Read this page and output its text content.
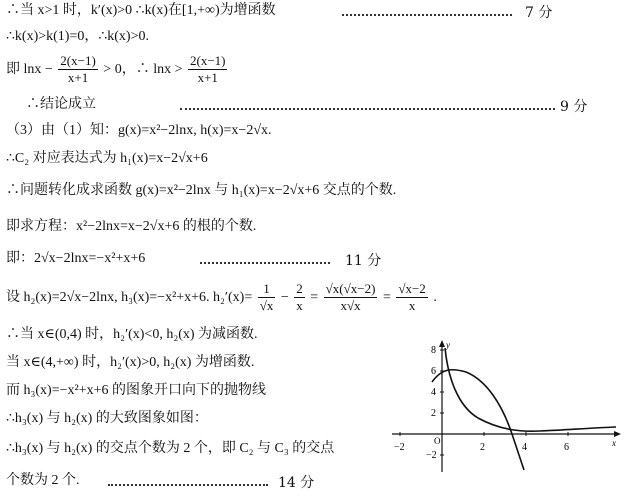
∴当 x>1 时，k′(x)>0 ∴k(x)在[1,+∞)为增函数	7 分
∴k(x)>k(1)=0，∴k(x)>0.
即 $\ln x - \frac{2(x-1)}{x+1} > 0$，∴ $\ln x > \frac{2(x-1)}{x+1}$
∴结论成立	9 分
（3）由（1）知：g(x)=x²−2lnx, h(x)=x−2√x.
∴C₂ 对应表达式为 h₁(x)=x−2√x+6
∴问题转化成求函数 g(x)=x²−2lnx 与 h₁(x)=x−2√x+6 交点的个数.
即求方程：x²−2lnx=x−2√x+6 的根的个数.
即：2√x−2lnx=−x²+x+6	11 分
设 h₂(x)=2√x−2lnx, h₃(x)=−x²+x+6. $h_2'(x)= \frac{1}{√x} - \frac{2}{x} = \frac{√x(√x-2)}{x√x} = \frac{√x-2}{x}$ .
∴当 x∈(0,4) 时，h₂′(x)<0, h₂(x) 为减函数.
当 x∈(4,+∞) 时，h₂′(x)>0, h₂(x) 为增函数.
而 h₃(x)=−x²+x+6 的图象开口向下的抛物线
∴h₃(x) 与 h₂(x) 的大致图象如图：
∴h₃(x) 与 h₂(x) 的交点个数为 2 个，即 C₂ 与 C₃ 的交点
个数为 2 个.	14 分
−2	2	4	6
8
6
4
2
−2
O	x
y
